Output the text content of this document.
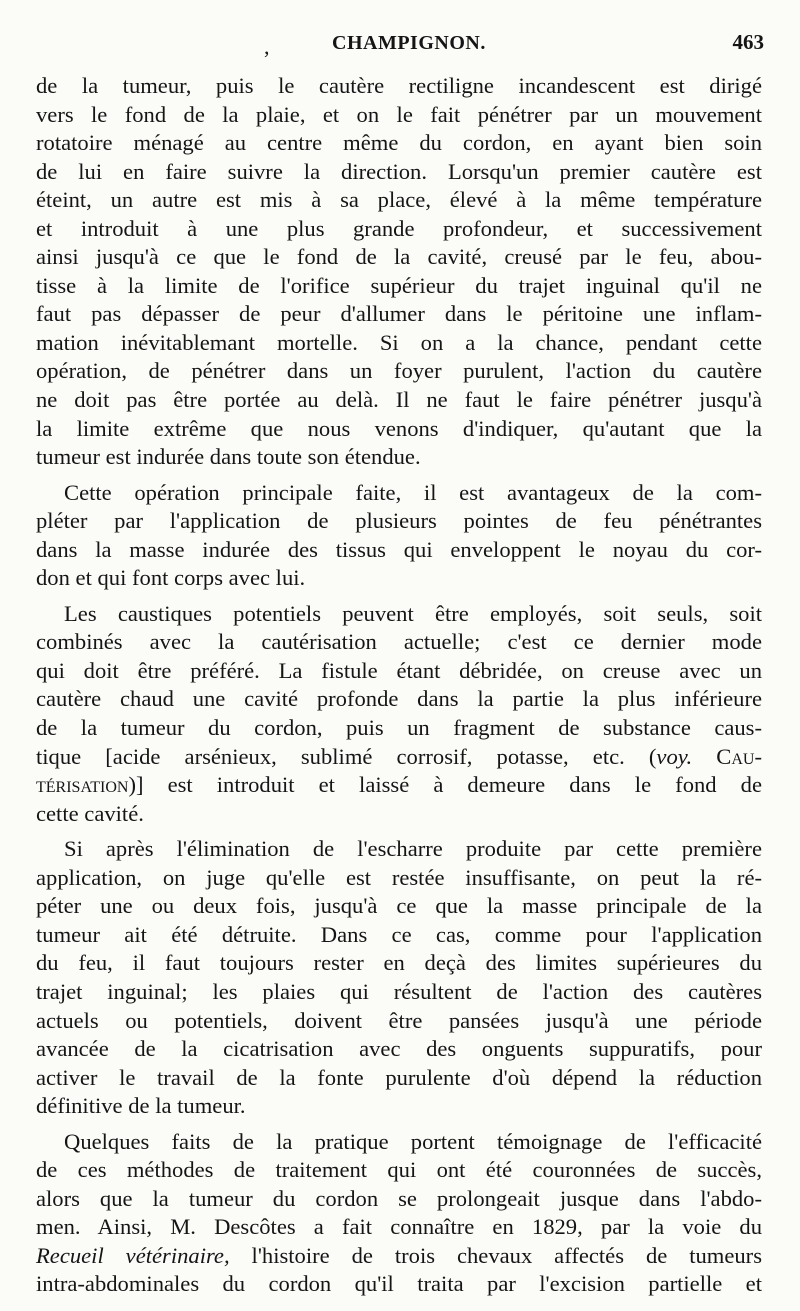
,	CHAMPIGNON.	463
de la tumeur, puis le cautère rectiligne incandescent est dirigé
vers le fond de la plaie, et on le fait pénétrer par un mouvement
rotatoire ménagé au centre même du cordon, en ayant bien soin
de lui en faire suivre la direction. Lorsqu'un premier cautère est
éteint, un autre est mis à sa place, élevé à la même température
et introduit à une plus grande profondeur, et successivement
ainsi jusqu'à ce que le fond de la cavité, creusé par le feu, abou-
tisse à la limite de l'orifice supérieur du trajet inguinal qu'il ne
faut pas dépasser de peur d'allumer dans le péritoine une inflam-
mation inévitablemant mortelle. Si on a la chance, pendant cette
opération, de pénétrer dans un foyer purulent, l'action du cautère
ne doit pas être portée au delà. Il ne faut le faire pénétrer jusqu'à
la limite extrême que nous venons d'indiquer, qu'autant que la
tumeur est indurée dans toute son étendue.
Cette opération principale faite, il est avantageux de la com-
pléter par l'application de plusieurs pointes de feu pénétrantes
dans la masse indurée des tissus qui enveloppent le noyau du cor-
don et qui font corps avec lui.
Les caustiques potentiels peuvent être employés, soit seuls, soit
combinés avec la cautérisation actuelle; c'est ce dernier mode
qui doit être préféré. La fistule étant débridée, on creuse avec un
cautère chaud une cavité profonde dans la partie la plus inférieure
de la tumeur du cordon, puis un fragment de substance caus-
tique [acide arsénieux, sublimé corrosif, potasse, etc. (voy. Cau-
térisation)] est introduit et laissé à demeure dans le fond de
cette cavité.
Si après l'élimination de l'escharre produite par cette première
application, on juge qu'elle est restée insuffisante, on peut la ré-
péter une ou deux fois, jusqu'à ce que la masse principale de la
tumeur ait été détruite. Dans ce cas, comme pour l'application
du feu, il faut toujours rester en deçà des limites supérieures du
trajet inguinal; les plaies qui résultent de l'action des cautères
actuels ou potentiels, doivent être pansées jusqu'à une période
avancée de la cicatrisation avec des onguents suppuratifs, pour
activer le travail de la fonte purulente d'où dépend la réduction
définitive de la tumeur.
Quelques faits de la pratique portent témoignage de l'efficacité
de ces méthodes de traitement qui ont été couronnées de succès,
alors que la tumeur du cordon se prolongeait jusque dans l'abdo-
men. Ainsi, M. Descôtes a fait connaître en 1829, par la voie du
Recueil vétérinaire, l'histoire de trois chevaux affectés de tumeurs
intra-abdominales du cordon qu'il traita par l'excision partielle et
